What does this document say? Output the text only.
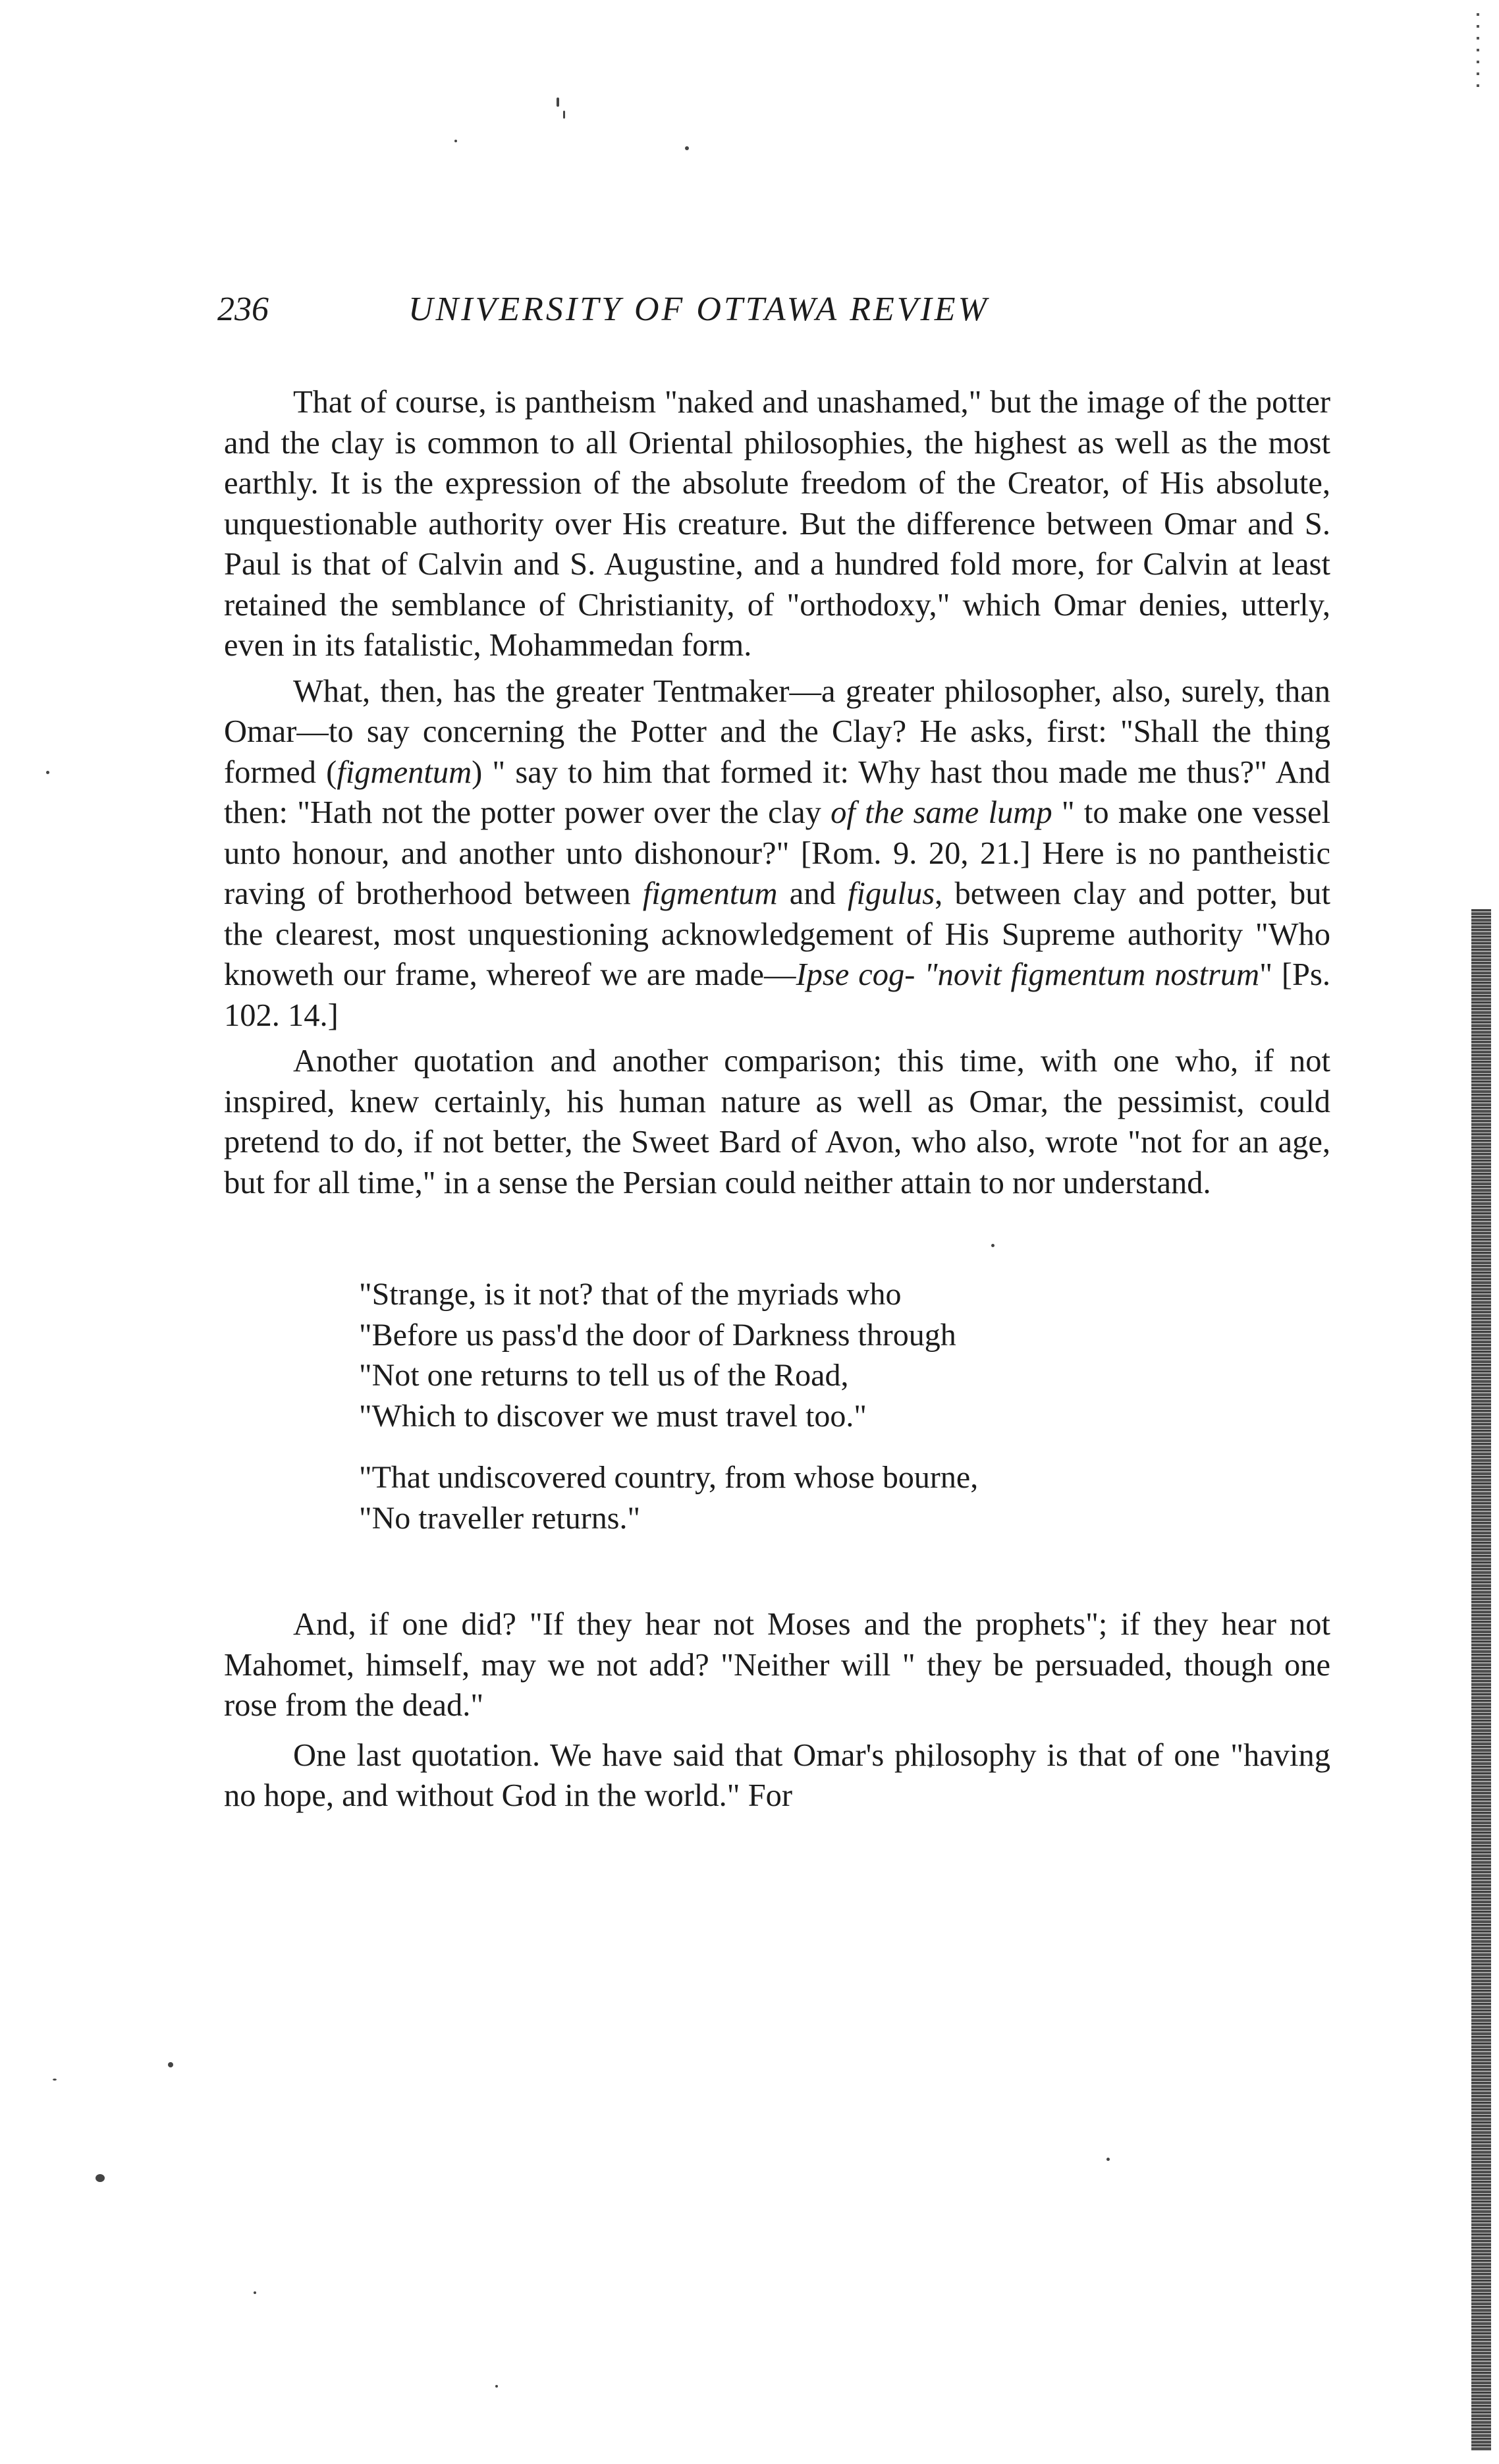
236	UNIVERSITY OF OTTAWA REVIEW

That of course, is pantheism "naked and unashamed," but the image of the potter and the clay is common to all Oriental philosophies, the highest as well as the most earthly. It is the expression of the absolute freedom of the Creator, of His absolute, unquestionable authority over His creature. But the difference between Omar and S. Paul is that of Calvin and S. Augustine, and a hundred fold more, for Calvin at least retained the semblance of Christianity, of "orthodoxy," which Omar denies, utterly, even in its fatalistic, Mohammedan form.

What, then, has the greater Tentmaker—a greater philosopher, also, surely, than Omar—to say concerning the Potter and the Clay? He asks, first: "Shall the thing formed (figmentum) " say to him that formed it: Why hast thou made me thus?" And then: "Hath not the potter power over the clay of the same lump " to make one vessel unto honour, and another unto dishonour?" [Rom. 9. 20, 21.] Here is no pantheistic raving of brotherhood between figmentum and figulus, between clay and potter, but the clearest, most unquestioning acknowledgement of His Supreme authority "Who knoweth our frame, whereof we are made—Ipse cog- "novit figmentum nostrum" [Ps. 102. 14.]

Another quotation and another comparison; this time, with one who, if not inspired, knew certainly, his human nature as well as Omar, the pessimist, could pretend to do, if not better, the Sweet Bard of Avon, who also, wrote "not for an age, but for all time," in a sense the Persian could neither attain to nor understand.

"Strange, is it not? that of the myriads who
"Before us pass'd the door of Darkness through
"Not one returns to tell us of the Road,
"Which to discover we must travel too."
"That undiscovered country, from whose bourne,
"No traveller returns."

And, if one did? "If they hear not Moses and the prophets"; if they hear not Mahomet, himself, may we not add? "Neither will " they be persuaded, though one rose from the dead."

One last quotation. We have said that Omar's philosophy is that of one "having no hope, and without God in the world." For
